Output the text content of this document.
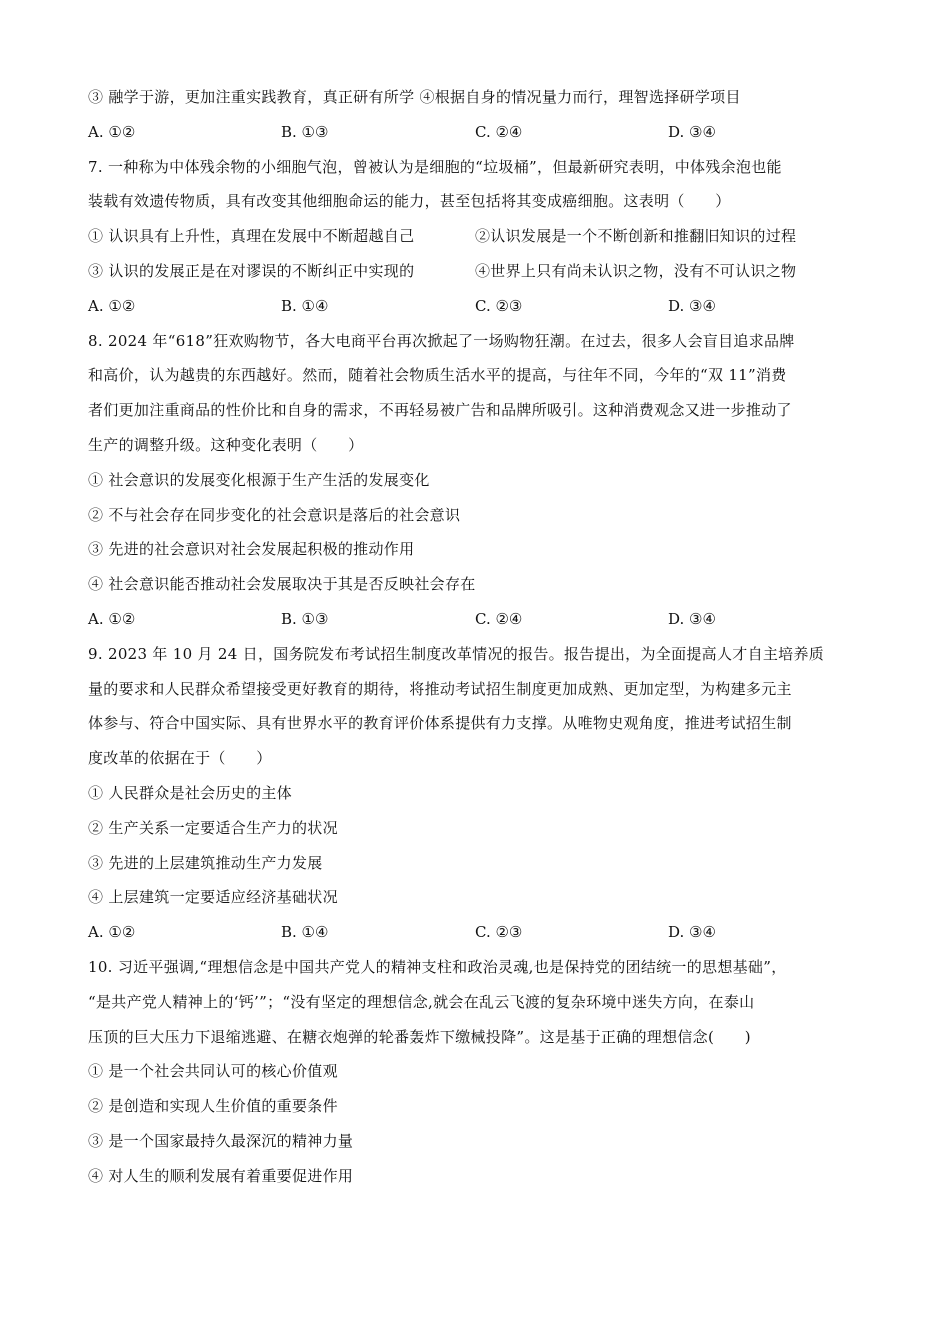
③ 融学于游，更加注重实践教育，真正研有所学 ④根据自身的情况量力而行，理智选择研学项目
A. ①②	B. ①③	C. ②④	D. ③④
7. 一种称为中体残余物的小细胞气泡，曾被认为是细胞的“垃圾桶”，但最新研究表明，中体残余泡也能
装载有效遗传物质，具有改变其他细胞命运的能力，甚至包括将其变成癌细胞。这表明（　　）
① 认识具有上升性，真理在发展中不断超越自己	②认识发展是一个不断创新和推翻旧知识的过程
③ 认识的发展正是在对谬误的不断纠正中实现的	④世界上只有尚未认识之物，没有不可认识之物
A. ①②	B. ①④	C. ②③	D. ③④
8. 2024 年“618”狂欢购物节，各大电商平台再次掀起了一场购物狂潮。在过去，很多人会盲目追求品牌
和高价，认为越贵的东西越好。然而，随着社会物质生活水平的提高，与往年不同，今年的“双 11”消费
者们更加注重商品的性价比和自身的需求，不再轻易被广告和品牌所吸引。这种消费观念又进一步推动了
生产的调整升级。这种变化表明（　　）
① 社会意识的发展变化根源于生产生活的发展变化
② 不与社会存在同步变化的社会意识是落后的社会意识
③ 先进的社会意识对社会发展起积极的推动作用
④ 社会意识能否推动社会发展取决于其是否反映社会存在
A. ①②	B. ①③	C. ②④	D. ③④
9. 2023 年 10 月 24 日，国务院发布考试招生制度改革情况的报告。报告提出，为全面提高人才自主培养质
量的要求和人民群众希望接受更好教育的期待，将推动考试招生制度更加成熟、更加定型，为构建多元主
体参与、符合中国实际、具有世界水平的教育评价体系提供有力支撑。从唯物史观角度，推进考试招生制
度改革的依据在于（　　）
① 人民群众是社会历史的主体
② 生产关系一定要适合生产力的状况
③ 先进的上层建筑推动生产力发展
④ 上层建筑一定要适应经济基础状况
A. ①②	B. ①④	C. ②③	D. ③④
10. 习近平强调,“理想信念是中国共产党人的精神支柱和政治灵魂,也是保持党的团结统一的思想基础”，
“是共产党人精神上的‘钙’”；“没有坚定的理想信念,就会在乱云飞渡的复杂环境中迷失方向，在泰山
压顶的巨大压力下退缩逃避、在糖衣炮弹的轮番轰炸下缴械投降”。这是基于正确的理想信念(　　)
① 是一个社会共同认可的核心价值观
② 是创造和实现人生价值的重要条件
③ 是一个国家最持久最深沉的精神力量
④ 对人生的顺利发展有着重要促进作用
